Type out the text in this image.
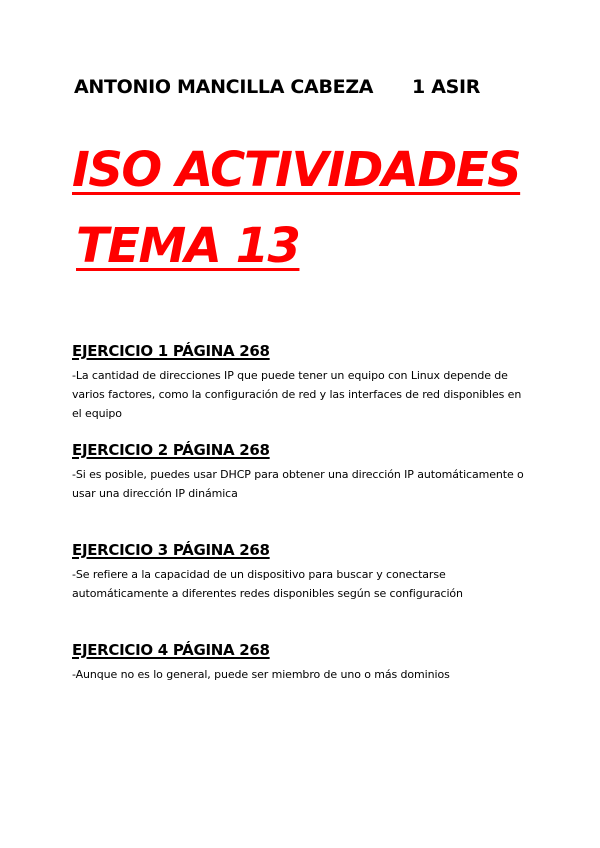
ANTONIO MANCILLA CABEZA 1 ASIR
ISO ACTIVIDADES
TEMA 13
EJERCICIO 1 PÁGINA 268

-La cantidad de direcciones IP que puede tener un equipo con Linux depende de varios factores, como la configuración de red y las interfaces de red disponibles en el equipo

EJERCICIO 2 PÁGINA 268

-Si es posible, puedes usar DHCP para obtener una dirección IP automáticamente o usar una dirección IP dinámica

EJERCICIO 3 PÁGINA 268

-Se refiere a la capacidad de un dispositivo para buscar y conectarse automáticamente a diferentes redes disponibles según se configuración

EJERCICIO 4 PÁGINA 268

-Aunque no es lo general, puede ser miembro de uno o más dominios
